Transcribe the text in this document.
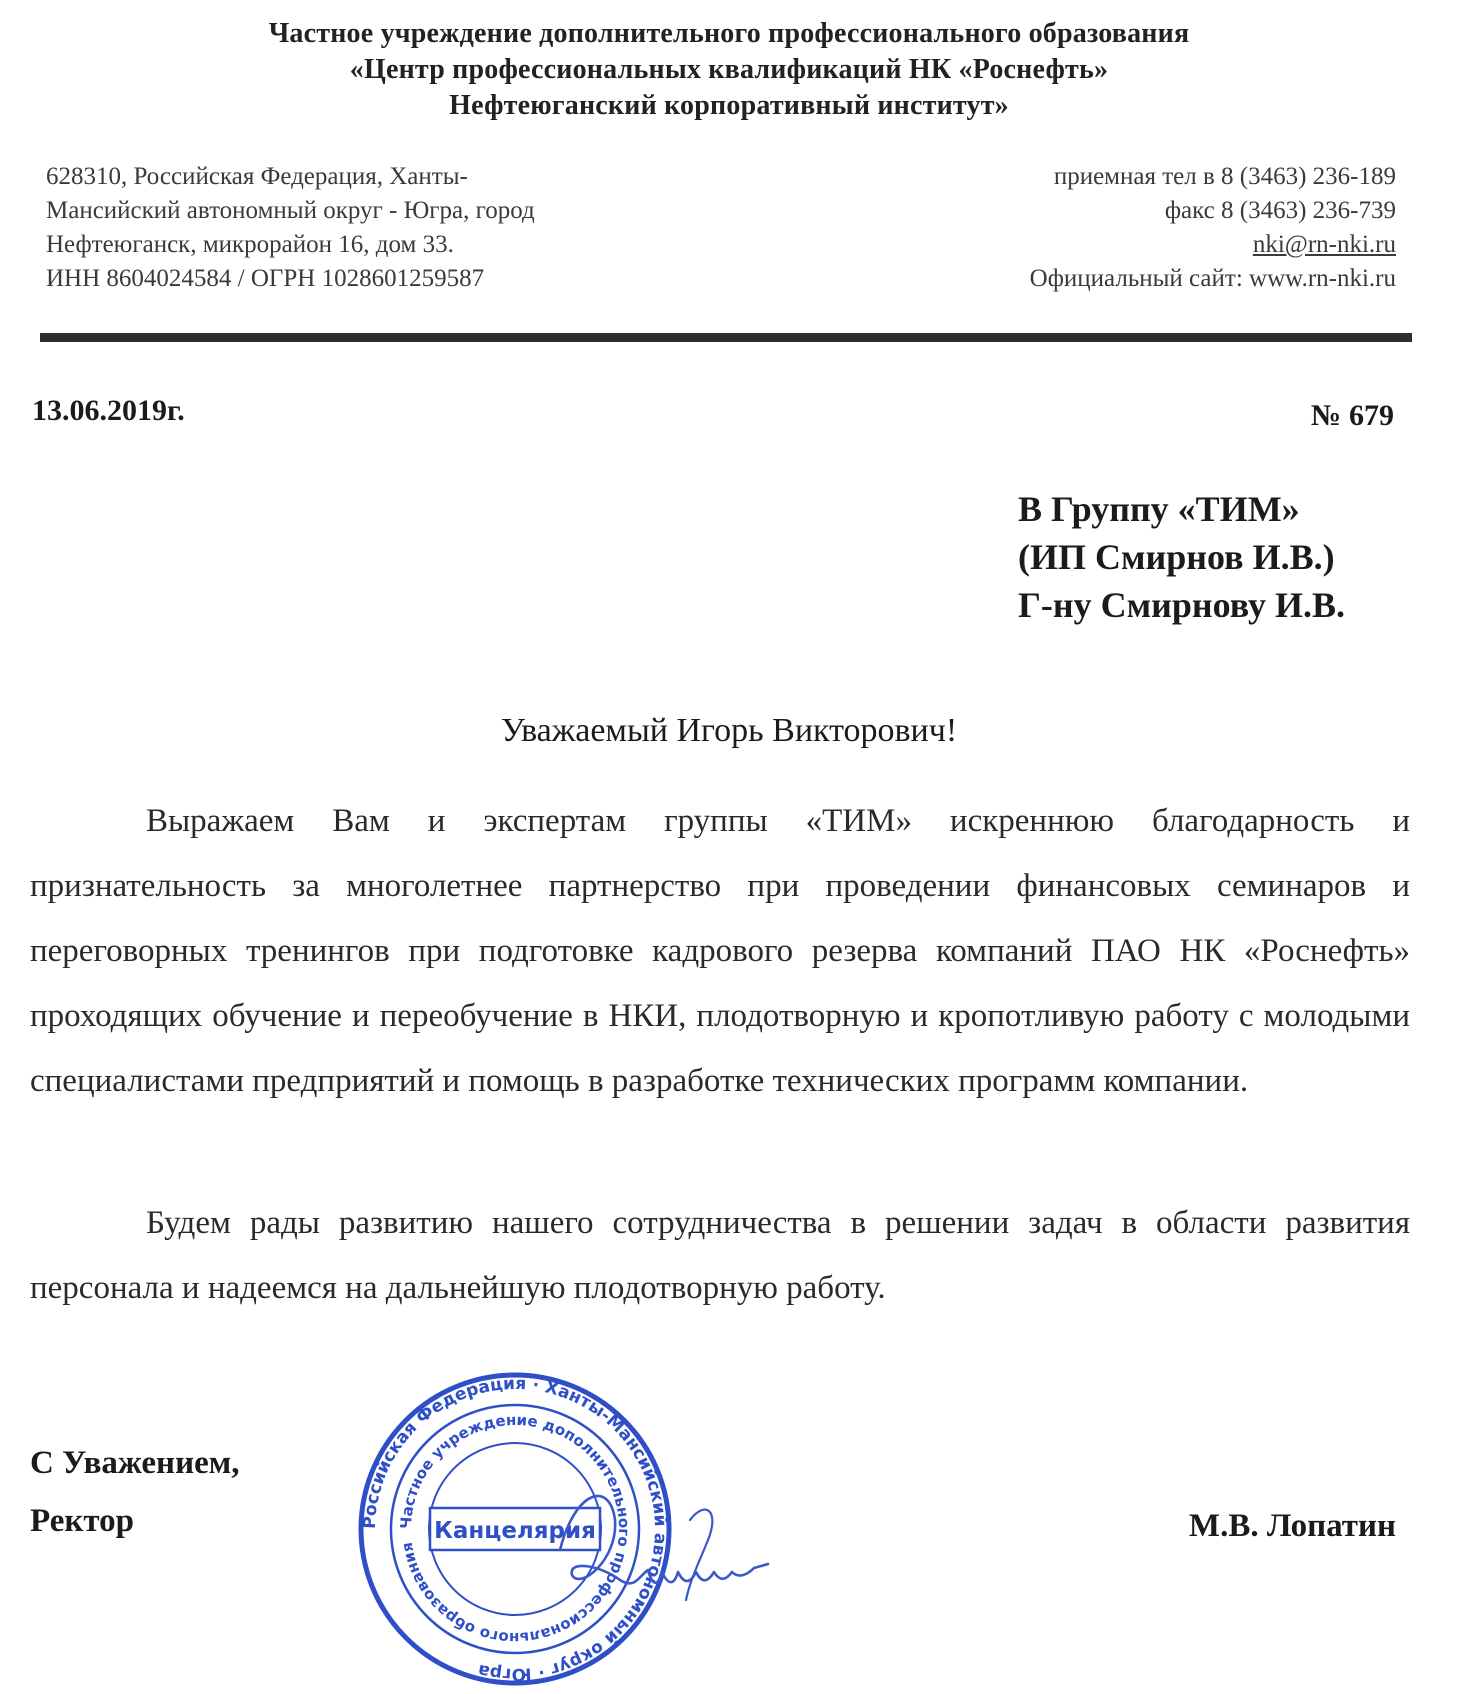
Частное учреждение дополнительного профессионального образования
«Центр профессиональных квалификаций НК «Роснефть»
Нефтеюганский корпоративный институт»
628310, Российская Федерация, Ханты-
Мансийский автономный округ - Югра, город
Нефтеюганск, микрорайон 16, дом 33.
ИНН 8604024584 / ОГРН 1028601259587
приемная тел в 8 (3463) 236-189
факс 8 (3463) 236-739
nki@rn-nki.ru
Официальный сайт: www.rn-nki.ru
13.06.2019г.	№ 679
В Группу «ТИМ»
(ИП Смирнов И.В.)
Г-ну Смирнову И.В.
Уважаемый Игорь Викторович!
Выражаем Вам и экспертам группы «ТИМ» искреннюю благодарность и признательность за многолетнее партнерство при проведении финансовых семинаров и переговорных тренингов при подготовке кадрового резерва компаний ПАО НК «Роснефть» проходящих обучение и переобучение в НКИ, плодотворную и кропотливую работу с молодыми специалистами предприятий и помощь в разработке технических программ компании.
Будем рады развитию нашего сотрудничества в решении задач в области развития персонала и надеемся на дальнейшую плодотворную работу.
С Уважением,
Ректор	М.В. Лопатин
Российская Федерация · Ханты-Мансийский автономный округ · Югра
Частное учреждение дополнительного профессионального образования
Канцелярия
